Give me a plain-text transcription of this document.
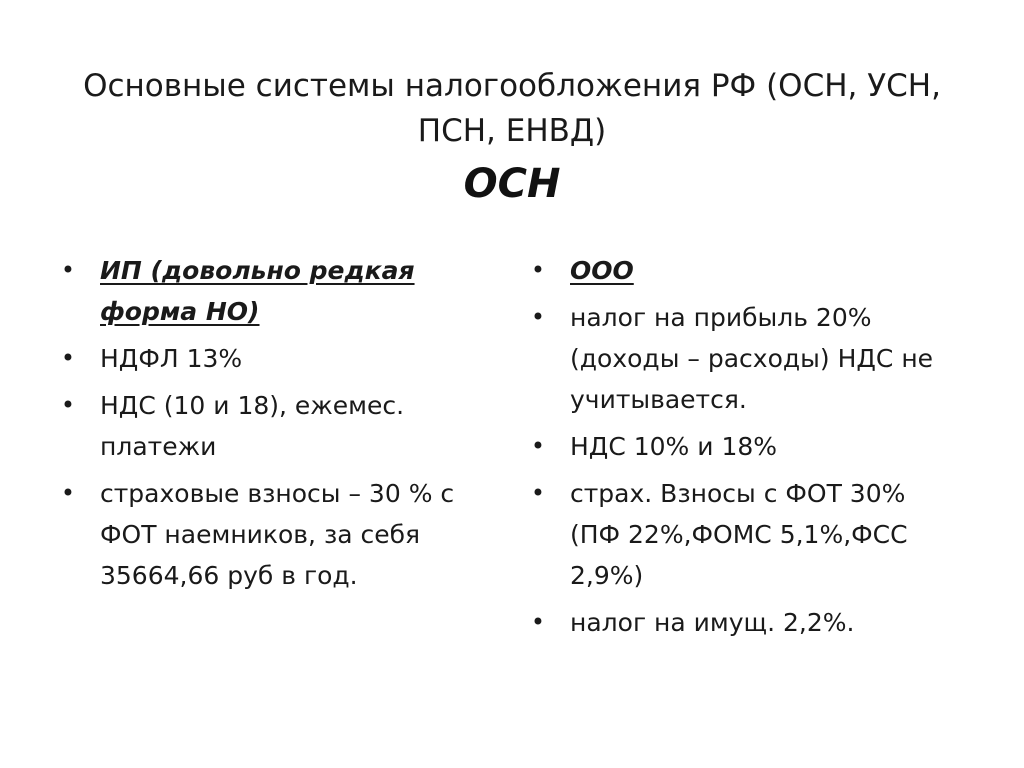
Основные системы налогообложения РФ (ОСН, УСН,
ПСН, ЕНВД)
ОСН
• ИП (довольно редкая форма НО)
• НДФЛ 13%
• НДС (10 и 18), ежемес. платежи
• страховые взносы – 30 % с ФОТ наемников, за себя 35664,66 руб в год.
• ООО
• налог на прибыль 20% (доходы – расходы) НДС не учитывается.
• НДС 10% и 18%
• страх. Взносы с ФОТ 30% (ПФ 22%,ФОМС 5,1%,ФСС 2,9%)
• налог на имущ. 2,2%.
